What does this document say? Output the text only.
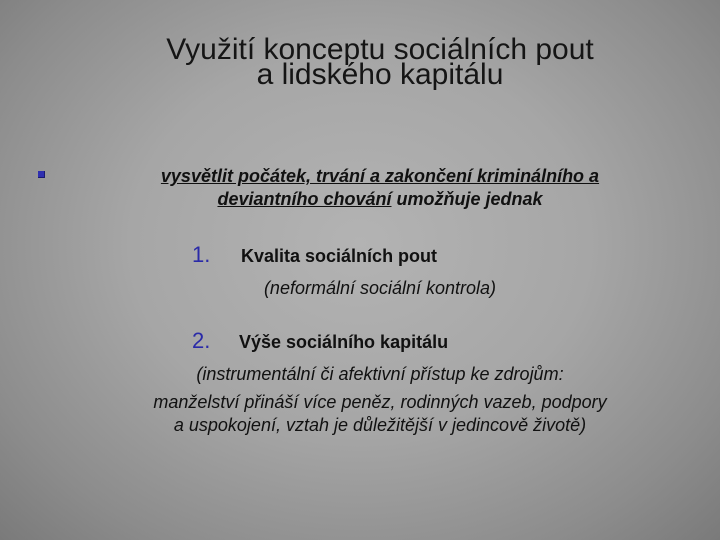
Využití konceptu sociálních pout
a lidského kapitálu
vysvětlit počátek, trvání a zakončení kriminálního a
deviantního chování umožňuje jednak
1. Kvalita sociálních pout
(neformální sociální kontrola)
2. Výše sociálního kapitálu
(instrumentální či afektivní přístup ke zdrojům:
manželství přináší více peněz, rodinných vazeb, podpory
a uspokojení, vztah je důležitější v jedincově životě)
